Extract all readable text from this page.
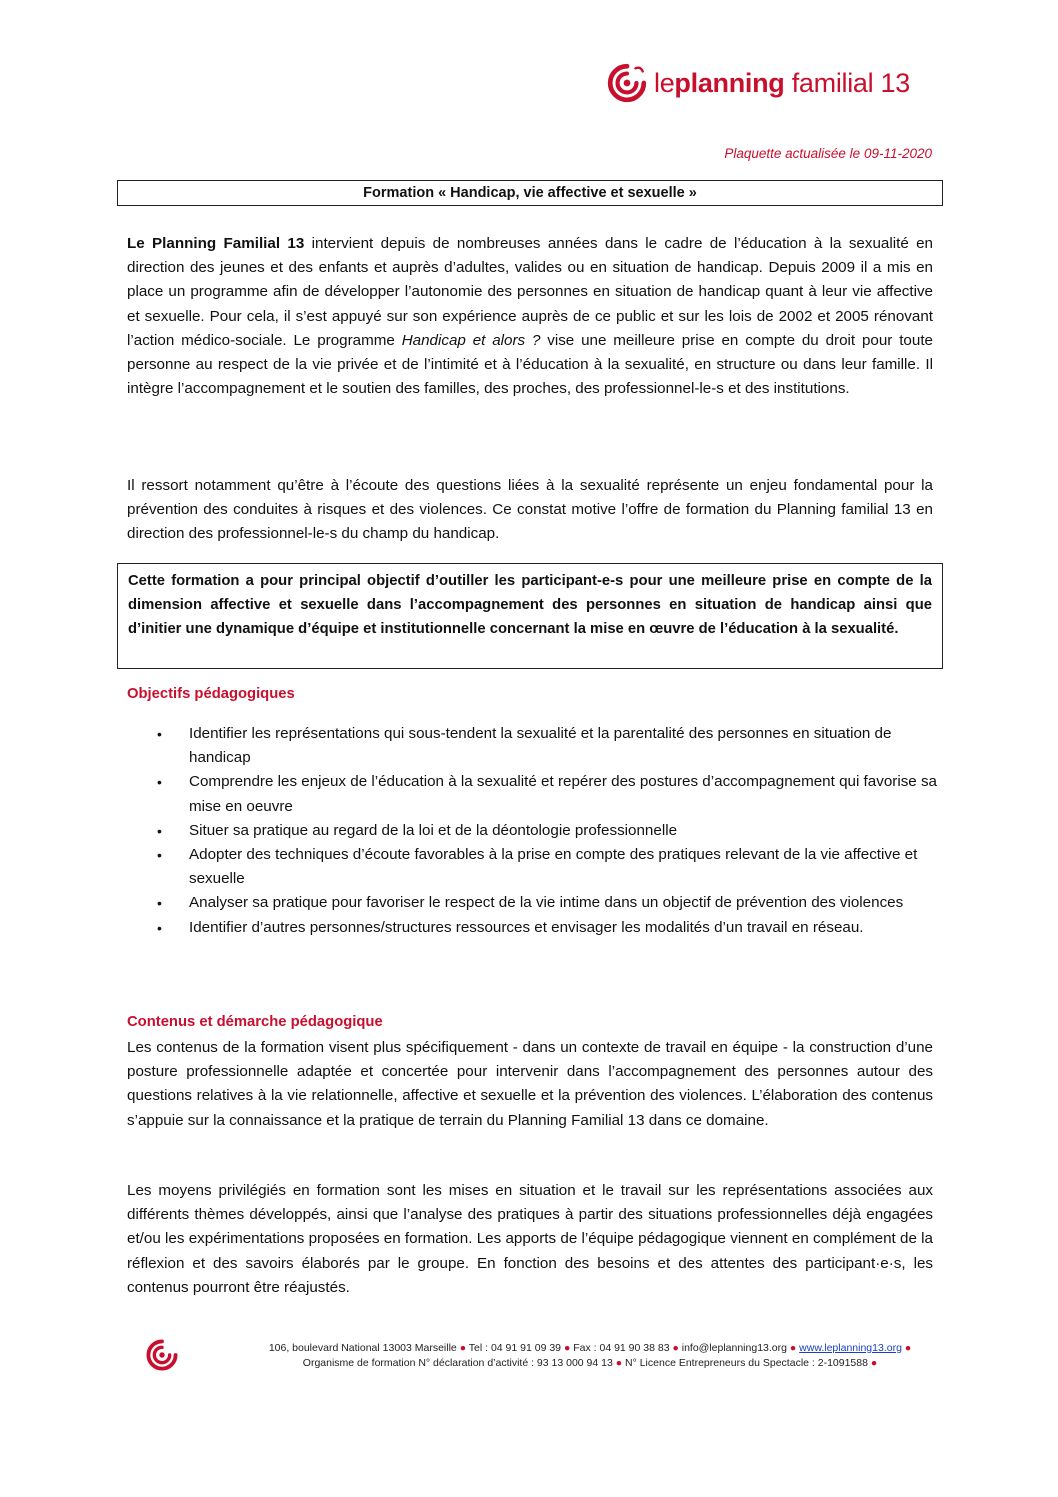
leplanning familial 13
Plaquette actualisée le 09-11-2020
Formation « Handicap, vie affective et sexuelle »

Le Planning Familial 13 intervient depuis de nombreuses années dans le cadre de l’éducation à la sexualité en direction des jeunes et des enfants et auprès d’adultes, valides ou en situation de handicap. Depuis 2009 il a mis en place un programme afin de développer l’autonomie des personnes en situation de handicap quant à leur vie affective et sexuelle. Pour cela, il s’est appuyé sur son expérience auprès de ce public et sur les lois de 2002 et 2005 rénovant l’action médico-sociale. Le programme Handicap et alors ? vise une meilleure prise en compte du droit pour toute personne au respect de la vie privée et de l’intimité et à l’éducation à la sexualité, en structure ou dans leur famille. Il intègre l’accompagnement et le soutien des familles, des proches, des professionnel-le-s et des institutions.

Il ressort notamment qu’être à l’écoute des questions liées à la sexualité représente un enjeu fondamental pour la prévention des conduites à risques et des violences. Ce constat motive l’offre de formation du Planning familial 13 en direction des professionnel-le-s du champ du handicap.

Cette formation a pour principal objectif d’outiller les participant-e-s pour une meilleure prise en compte de la dimension affective et sexuelle dans l’accompagnement des personnes en situation de handicap ainsi que d’initier une dynamique d’équipe et institutionnelle concernant la mise en œuvre de l’éducation à la sexualité.
Objectifs pédagogiques
• Identifier les représentations qui sous-tendent la sexualité et la parentalité des personnes en situation de handicap
• Comprendre les enjeux de l’éducation à la sexualité et repérer des postures d’accompagnement qui favorise sa mise en oeuvre
• Situer sa pratique au regard de la loi et de la déontologie professionnelle
• Adopter des techniques d’écoute favorables à la prise en compte des pratiques relevant de la vie affective et sexuelle
• Analyser sa pratique pour favoriser le respect de la vie intime dans un objectif de prévention des violences
• Identifier d’autres personnes/structures ressources et envisager les modalités d’un travail en réseau.
Contenus et démarche pédagogique

Les contenus de la formation visent plus spécifiquement - dans un contexte de travail en équipe - la construction d’une posture professionnelle adaptée et concertée pour intervenir dans l’accompagnement des personnes autour des questions relatives à la vie relationnelle, affective et sexuelle et la prévention des violences. L’élaboration des contenus s’appuie sur la connaissance et la pratique de terrain du Planning Familial 13 dans ce domaine.

Les moyens privilégiés en formation sont les mises en situation et le travail sur les représentations associées aux différents thèmes développés, ainsi que l’analyse des pratiques à partir des situations professionnelles déjà engagées et/ou les expérimentations proposées en formation. Les apports de l’équipe pédagogique viennent en complément de la réflexion et des savoirs élaborés par le groupe. En fonction des besoins et des attentes des participant·e·s, les contenus pourront être réajustés.

106, boulevard National 13003 Marseille ● Tel : 04 91 91 09 39 ● Fax : 04 91 90 38 83 ● info@leplanning13.org ● www.leplanning13.org ●
Organisme de formation N° déclaration d’activité : 93 13 000 94 13 ● N° Licence Entrepreneurs du Spectacle : 2-1091588 ●
